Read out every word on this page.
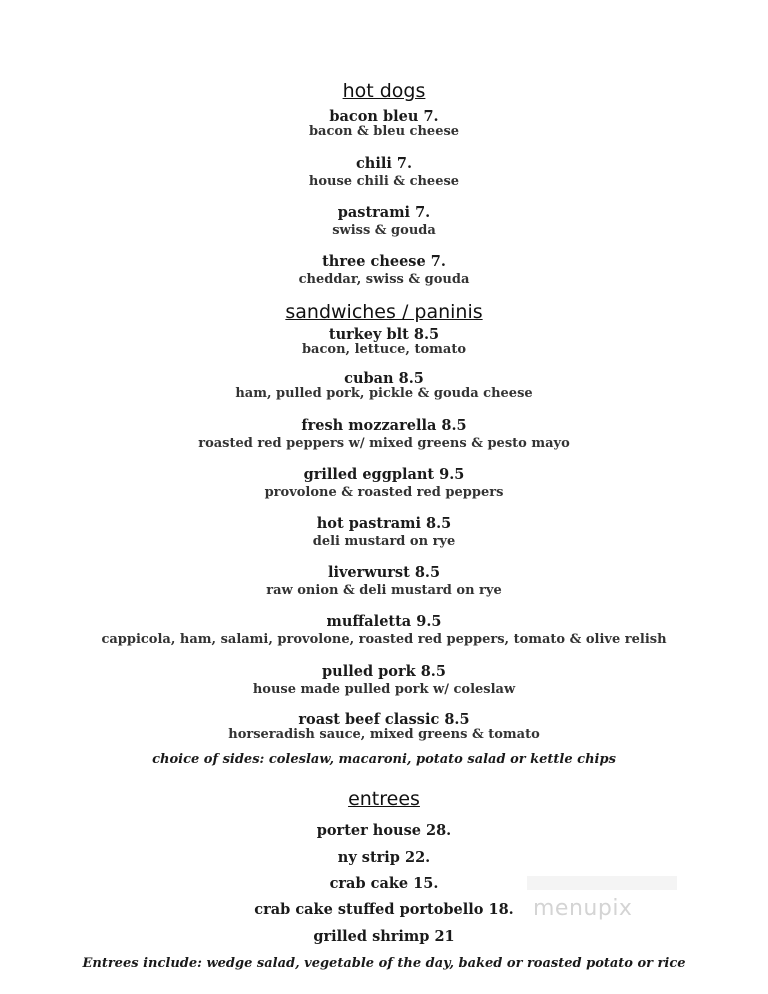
hot dogs
bacon bleu 7.
bacon & bleu cheese
chili 7.
house chili & cheese
pastrami 7.
swiss & gouda
three cheese 7.
cheddar, swiss & gouda
sandwiches / paninis
turkey blt 8.5
bacon, lettuce, tomato
cuban 8.5
ham, pulled pork, pickle & gouda cheese
fresh mozzarella 8.5
roasted red peppers w/ mixed greens & pesto mayo
grilled eggplant 9.5
provolone & roasted red peppers
hot pastrami 8.5
deli mustard on rye
liverwurst 8.5
raw onion & deli mustard on rye
muffaletta 9.5
cappicola, ham, salami, provolone, roasted red peppers, tomato & olive relish
pulled pork 8.5
house made pulled pork w/ coleslaw
roast beef classic 8.5
horseradish sauce, mixed greens & tomato
choice of sides: coleslaw, macaroni, potato salad or kettle chips
entrees
porter house 28.
ny strip 22.
crab cake 15.
crab cake stuffed portobello 18.
grilled shrimp 21
Entrees include: wedge salad, vegetable of the day, baked or roasted potato or rice
menupix
